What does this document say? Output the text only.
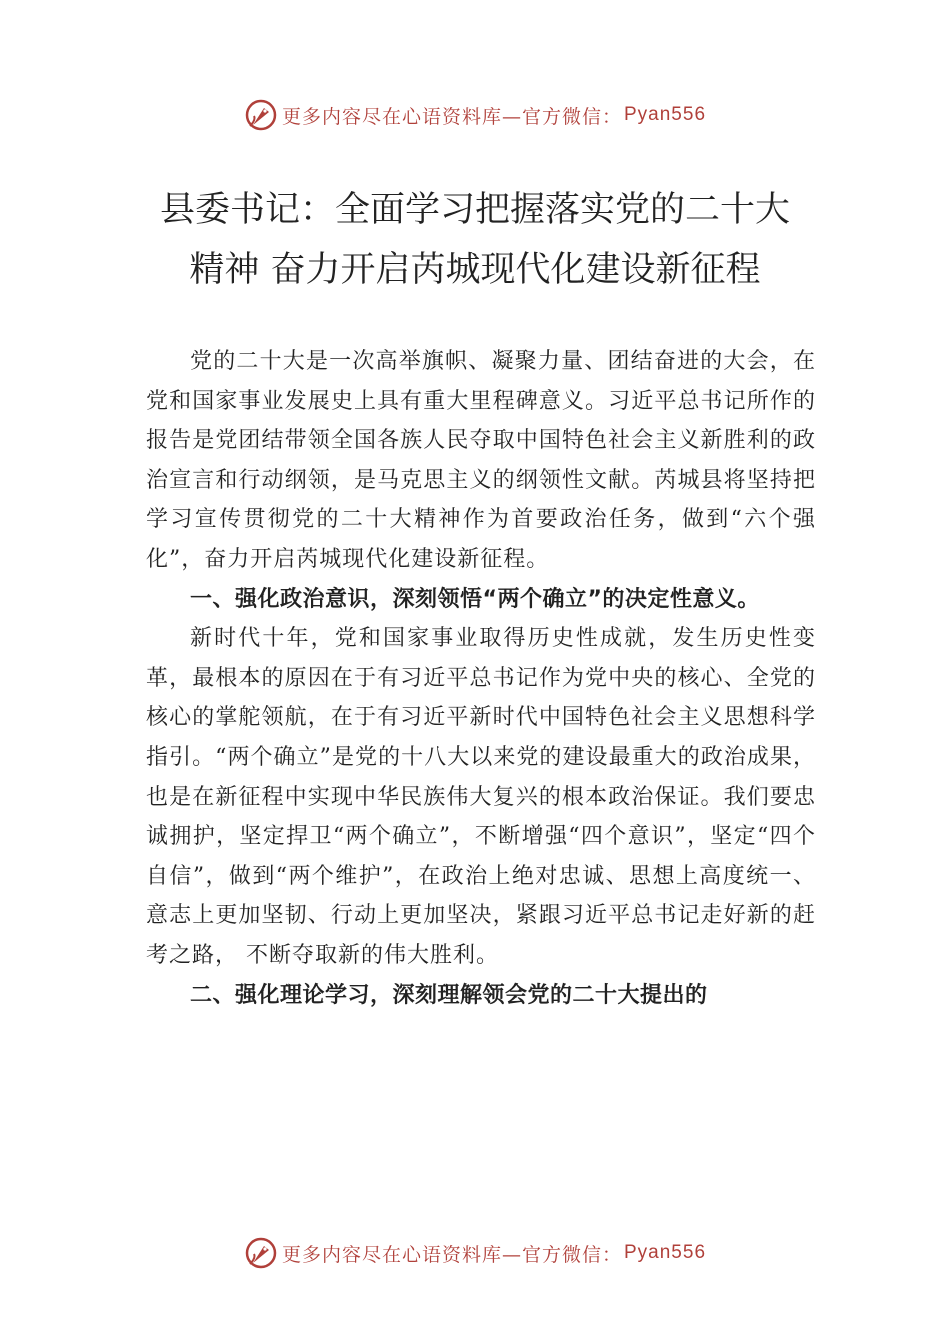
更多内容尽在心语资料库—官方微信： Pyan556
县委书记：全面学习把握落实党的二十大
精神 奋力开启芮城现代化建设新征程

党的二十大是一次高举旗帜、凝聚力量、团结奋进的大会，在党和国家事业发展史上具有重大里程碑意义。习近平总书记所作的报告是党团结带领全国各族人民夺取中国特色社会主义新胜利的政治宣言和行动纲领，是马克思主义的纲领性文献。芮城县将坚持把学习宣传贯彻党的二十大精神作为首要政治任务，做到“六个强化”，奋力开启芮城现代化建设新征程。

一、强化政治意识，深刻领悟“两个确立”的决定性意义。

新时代十年，党和国家事业取得历史性成就，发生历史性变革，最根本的原因在于有习近平总书记作为党中央的核心、全党的核心的掌舵领航，在于有习近平新时代中国特色社会主义思想科学指引。“两个确立”是党的十八大以来党的建设最重大的政治成果，也是在新征程中实现中华民族伟大复兴的根本政治保证。我们要忠诚拥护，坚定捍卫“两个确立”，不断增强“四个意识”，坚定“四个自信”，做到“两个维护”，在政治上绝对忠诚、思想上高度统一、意志上更加坚韧、行动上更加坚决，紧跟习近平总书记走好新的赶考之路， 不断夺取新的伟大胜利。

二、强化理论学习，深刻理解领会党的二十大提出的

更多内容尽在心语资料库—官方微信： Pyan556
